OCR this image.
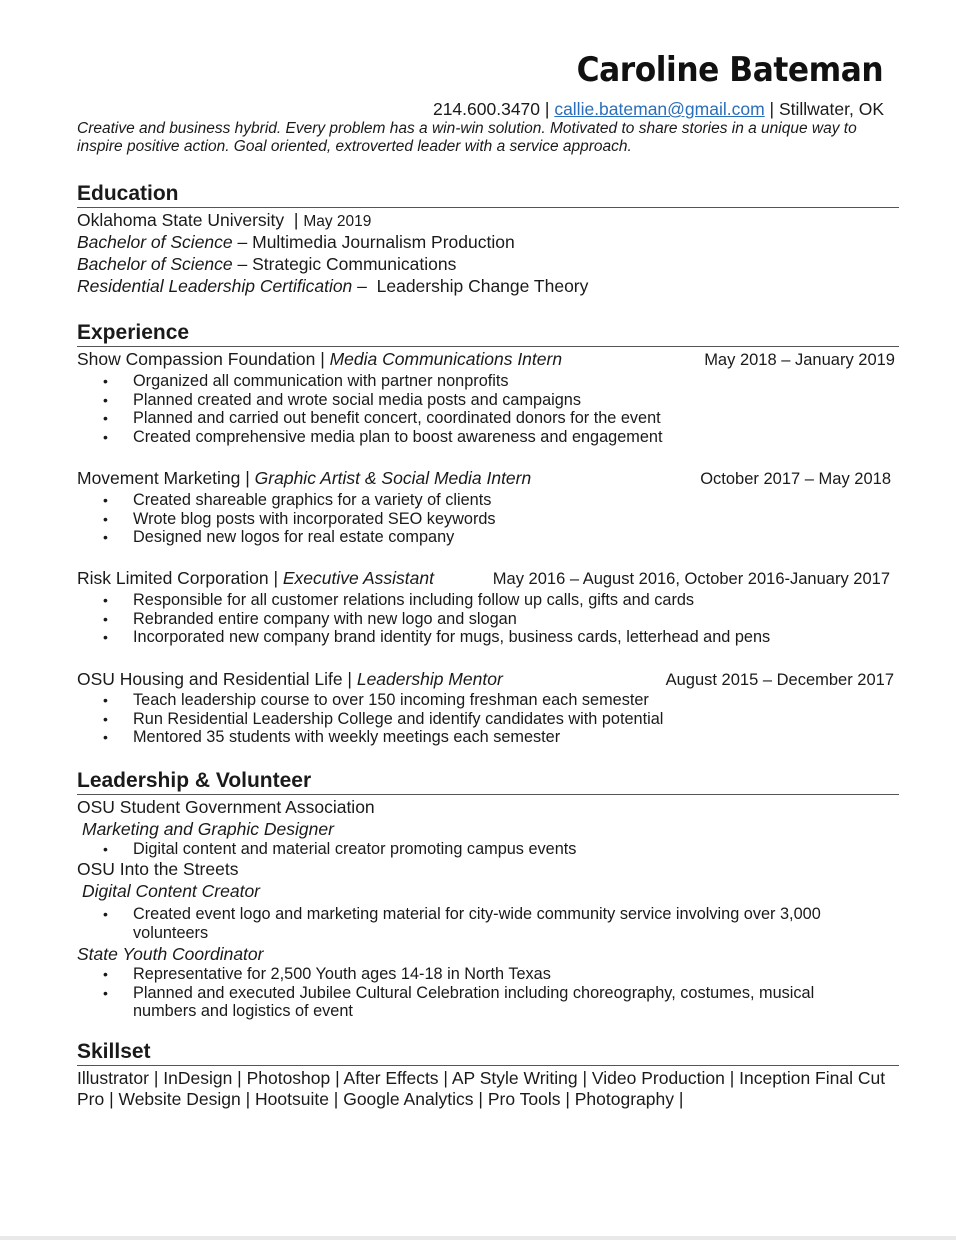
Caroline Bateman
214.600.3470 | callie.bateman@gmail.com | Stillwater, OK
Creative and business hybrid. Every problem has a win-win solution. Motivated to share stories in a unique way to inspire positive action. Goal oriented, extroverted leader with a service approach.
Education
Oklahoma State University  | May 2019
Bachelor of Science – Multimedia Journalism Production
Bachelor of Science – Strategic Communications
Residential Leadership Certification –  Leadership Change Theory
Experience
Show Compassion Foundation | Media Communications Intern	May 2018 – January 2019
• Organized all communication with partner nonprofits
• Planned created and wrote social media posts and campaigns
• Planned and carried out benefit concert, coordinated donors for the event
• Created comprehensive media plan to boost awareness and engagement
Movement Marketing | Graphic Artist & Social Media Intern	October 2017 – May 2018
• Created shareable graphics for a variety of clients
• Wrote blog posts with incorporated SEO keywords
• Designed new logos for real estate company
Risk Limited Corporation | Executive Assistant	May 2016 – August 2016, October 2016-January 2017
• Responsible for all customer relations including follow up calls, gifts and cards
• Rebranded entire company with new logo and slogan
• Incorporated new company brand identity for mugs, business cards, letterhead and pens
OSU Housing and Residential Life | Leadership Mentor	August 2015 – December 2017
• Teach leadership course to over 150 incoming freshman each semester
• Run Residential Leadership College and identify candidates with potential
• Mentored 35 students with weekly meetings each semester
Leadership & Volunteer
OSU Student Government Association
Marketing and Graphic Designer
• Digital content and material creator promoting campus events
OSU Into the Streets
Digital Content Creator
• Created event logo and marketing material for city-wide community service involving over 3,000 volunteers
State Youth Coordinator
• Representative for 2,500 Youth ages 14-18 in North Texas
• Planned and executed Jubilee Cultural Celebration including choreography, costumes, musical numbers and logistics of event
Skillset
Illustrator | InDesign | Photoshop | After Effects | AP Style Writing | Video Production | Inception Final Cut Pro | Website Design | Hootsuite | Google Analytics | Pro Tools | Photography |
